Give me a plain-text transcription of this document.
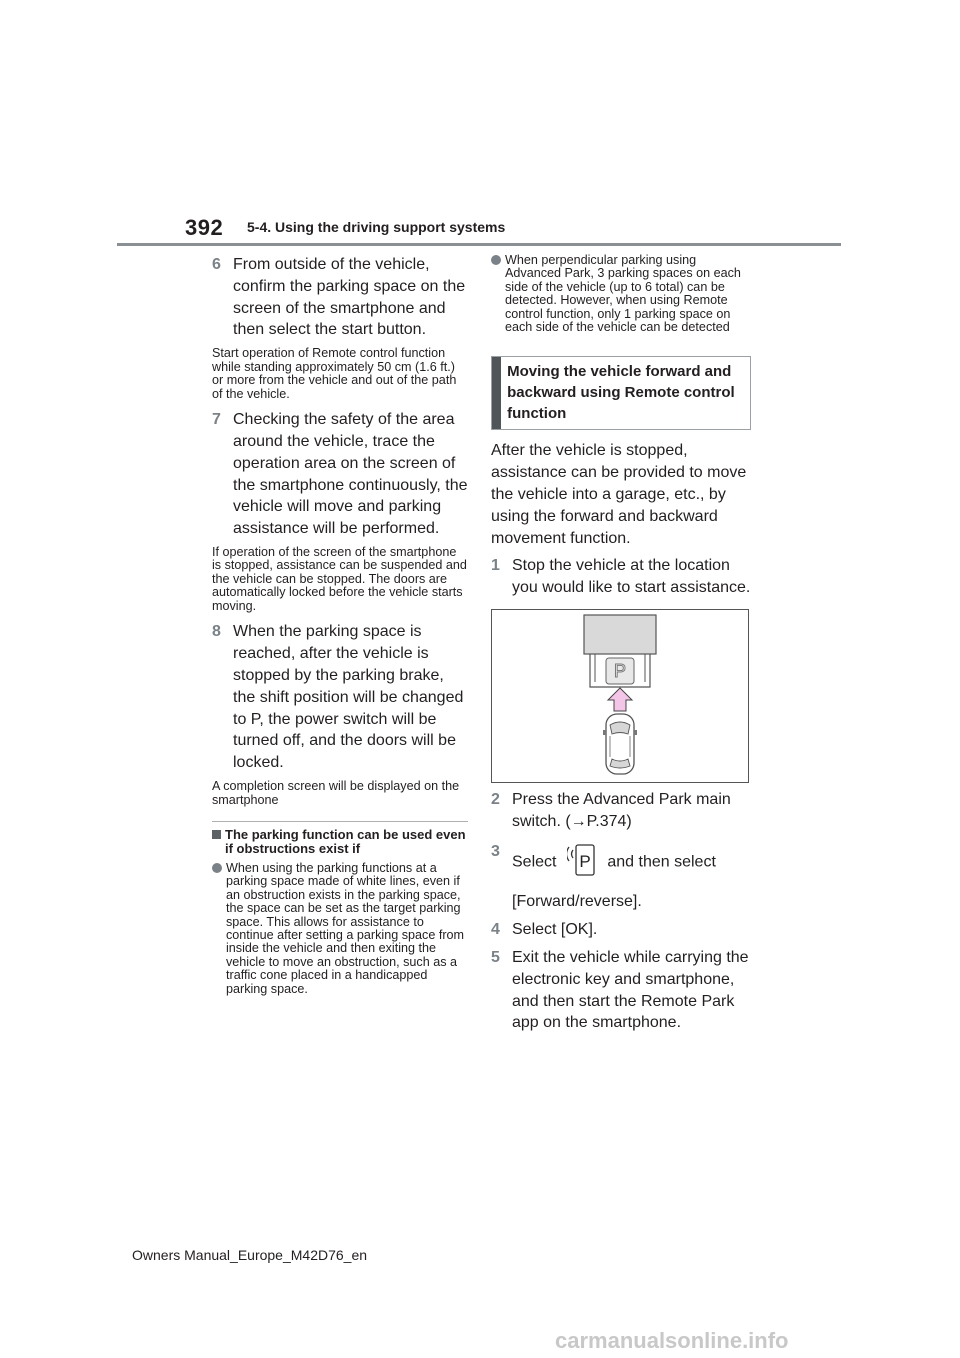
392 5-4. Using the driving support systems
6 From outside of the vehicle, confirm the parking space on the screen of the smartphone and then select the start button.
Start operation of Remote control function while standing approximately 50 cm (1.6 ft.) or more from the vehicle and out of the path of the vehicle.
7 Checking the safety of the area around the vehicle, trace the operation area on the screen of the smartphone continuously, the vehicle will move and parking assistance will be performed.
If operation of the screen of the smartphone is stopped, assistance can be suspended and the vehicle can be stopped. The doors are automatically locked before the vehicle starts moving.
8 When the parking space is reached, after the vehicle is stopped by the parking brake, the shift position will be changed to P, the power switch will be turned off, and the doors will be locked.
A completion screen will be displayed on the smartphone
The parking function can be used even if obstructions exist if
When using the parking functions at a parking space made of white lines, even if an obstruction exists in the parking space, the space can be set as the target parking space. This allows for assistance to continue after setting a parking space from inside the vehicle and then exiting the vehicle to move an obstruction, such as a traffic cone placed in a handicapped parking space.
When perpendicular parking using Advanced Park, 3 parking spaces on each side of the vehicle (up to 6 total) can be detected. However, when using Remote control function, only 1 parking space on each side of the vehicle can be detected
Moving the vehicle forward and backward using Remote control function
After the vehicle is stopped, assistance can be provided to move the vehicle into a garage, etc., by using the forward and backward movement function.
1 Stop the vehicle at the location you would like to start assistance.
P
2 Press the Advanced Park main switch. (→P.374)
3
Select P and then select
[Forward/reverse].
4 Select [OK].
5 Exit the vehicle while carrying the electronic key and smartphone, and then start the Remote Park app on the smartphone.
Owners Manual_Europe_M42D76_en
carmanualsonline.info
